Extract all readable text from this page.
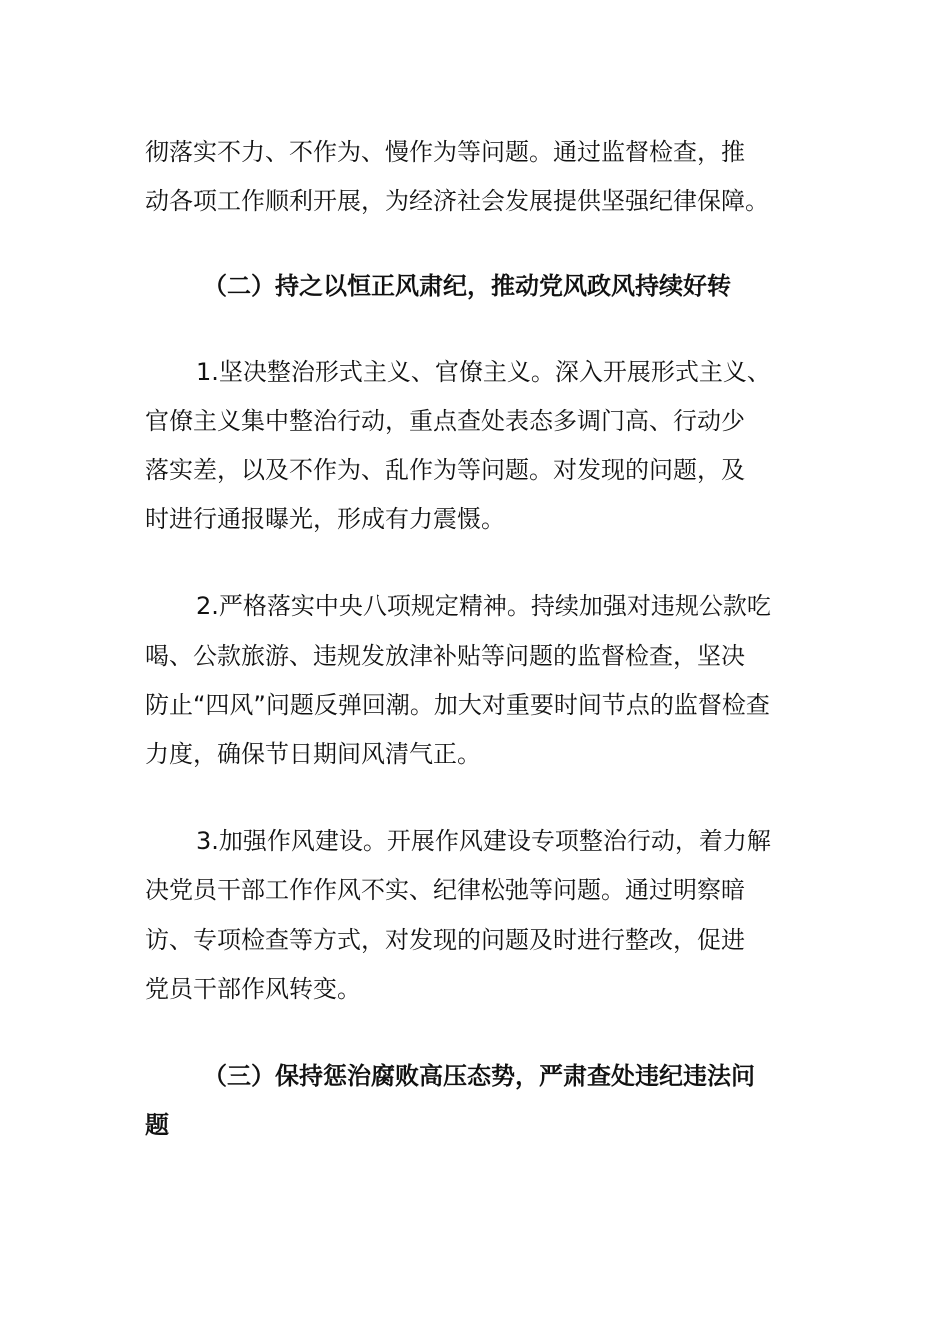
彻落实不力、不作为、慢作为等问题。通过监督检查，推
动各项工作顺利开展，为经济社会发展提供坚强纪律保障。
（二）持之以恒正风肃纪，推动党风政风持续好转
1.坚决整治形式主义、官僚主义。深入开展形式主义、
官僚主义集中整治行动，重点查处表态多调门高、行动少
落实差，以及不作为、乱作为等问题。对发现的问题，及
时进行通报曝光，形成有力震慑。
2.严格落实中央八项规定精神。持续加强对违规公款吃
喝、公款旅游、违规发放津补贴等问题的监督检查，坚决
防止“四风”问题反弹回潮。加大对重要时间节点的监督检查
力度，确保节日期间风清气正。
3.加强作风建设。开展作风建设专项整治行动，着力解
决党员干部工作作风不实、纪律松弛等问题。通过明察暗
访、专项检查等方式，对发现的问题及时进行整改，促进
党员干部作风转变。
（三）保持惩治腐败高压态势，严肃查处违纪违法问
题
